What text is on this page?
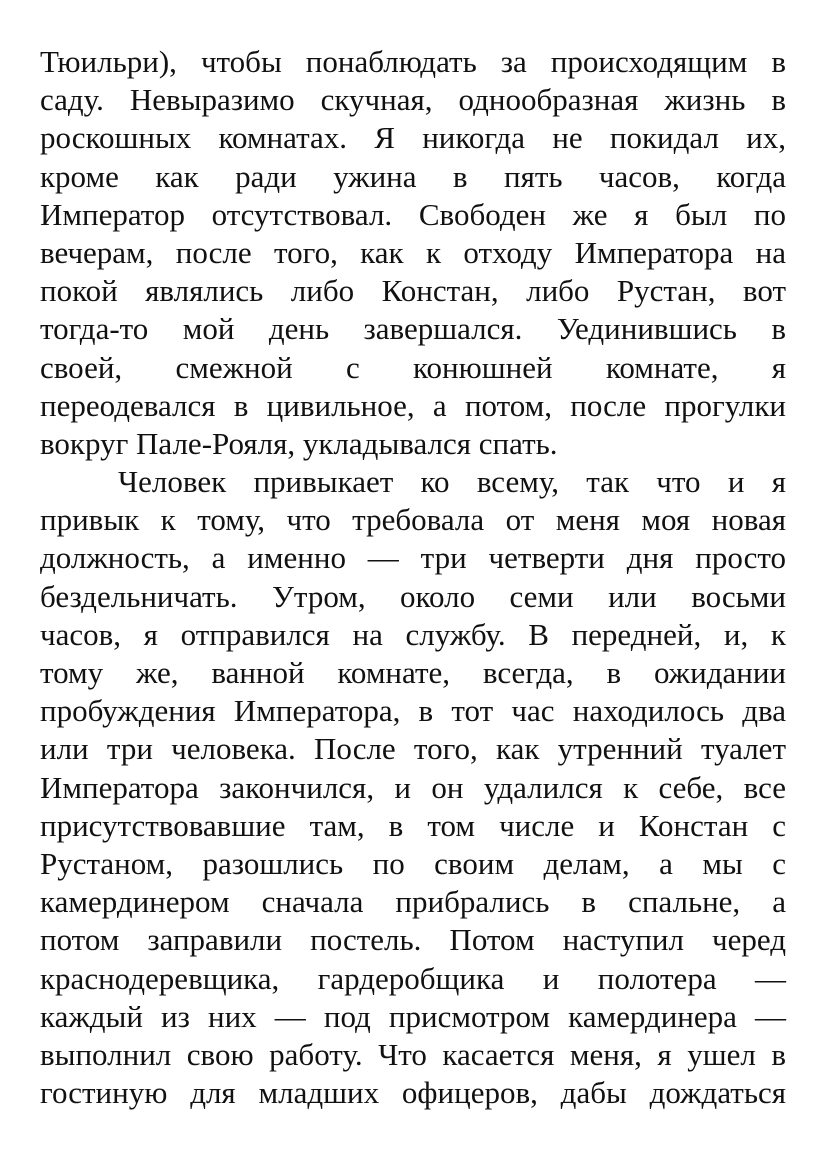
Тюильри), чтобы понаблюдать за происходящим в
саду. Невыразимо скучная, однообразная жизнь в
роскошных комнатах. Я никогда не покидал их,
кроме как ради ужина в пять часов, когда
Император отсутствовал. Свободен же я был по
вечерам, после того, как к отходу Императора на
покой являлись либо Констан, либо Рустан, вот
тогда-то мой день завершался. Уединившись в
своей, смежной с конюшней комнате, я
переодевался в цивильное, а потом, после прогулки
вокруг Пале-Рояля, укладывался спать.
Человек привыкает ко всему, так что и я
привык к тому, что требовала от меня моя новая
должность, а именно — три четверти дня просто
бездельничать. Утром, около семи или восьми
часов, я отправился на службу. В передней, и, к
тому же, ванной комнате, всегда, в ожидании
пробуждения Императора, в тот час находилось два
или три человека. После того, как утренний туалет
Императора закончился, и он удалился к себе, все
присутствовавшие там, в том числе и Констан с
Рустаном, разошлись по своим делам, а мы с
камердинером сначала прибрались в спальне, а
потом заправили постель. Потом наступил черед
краснодеревщика, гардеробщика и полотера —
каждый из них — под присмотром камердинера —
выполнил свою работу. Что касается меня, я ушел в
гостиную для младших офицеров, дабы дождаться
